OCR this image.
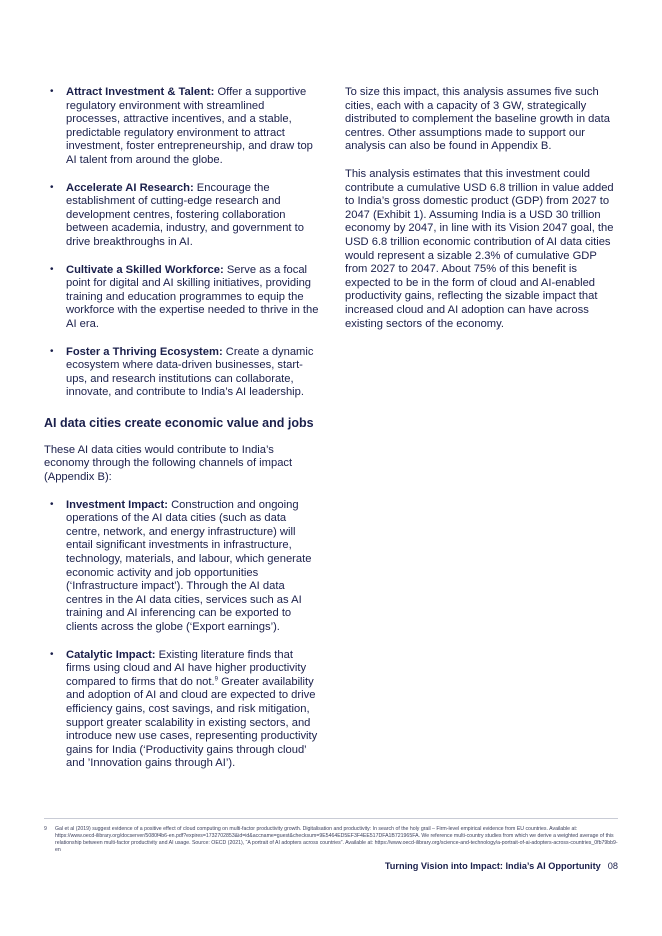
• Attract Investment & Talent: Offer a supportive regulatory environment with streamlined processes, attractive incentives, and a stable, predictable regulatory environment to attract investment, foster entrepreneurship, and draw top AI talent from around the globe.
• Accelerate AI Research: Encourage the establishment of cutting-edge research and development centres, fostering collaboration between academia, industry, and government to drive breakthroughs in AI.
• Cultivate a Skilled Workforce: Serve as a focal point for digital and AI skilling initiatives, providing training and education programmes to equip the workforce with the expertise needed to thrive in the AI era.
• Foster a Thriving Ecosystem: Create a dynamic ecosystem where data-driven businesses, start-ups, and research institutions can collaborate, innovate, and contribute to India’s AI leadership.
AI data cities create economic value and jobs

These AI data cities would contribute to India’s economy through the following channels of impact (Appendix B):

• Investment Impact: Construction and ongoing operations of the AI data cities (such as data centre, network, and energy infrastructure) will entail significant investments in infrastructure, technology, materials, and labour, which generate economic activity and job opportunities (‘Infrastructure impact’). Through the AI data centres in the AI data cities, services such as AI training and AI inferencing can be exported to clients across the globe (‘Export earnings’).
• Catalytic Impact: Existing literature finds that firms using cloud and AI have higher productivity compared to firms that do not.$^9$ Greater availability and adoption of AI and cloud are expected to drive efficiency gains, cost savings, and risk mitigation, support greater scalability in existing sectors, and introduce new use cases, representing productivity gains for India (‘Productivity gains through cloud’ and ’Innovation gains through AI’).

To size this impact, this analysis assumes five such cities, each with a capacity of 3 GW, strategically distributed to complement the baseline growth in data centres. Other assumptions made to support our analysis can also be found in Appendix B.

This analysis estimates that this investment could contribute a cumulative USD 6.8 trillion in value added to India’s gross domestic product (GDP) from 2027 to 2047 (Exhibit 1). Assuming India is a USD 30 trillion economy by 2047, in line with its Vision 2047 goal, the USD 6.8 trillion economic contribution of AI data cities would represent a sizable 2.3% of cumulative GDP from 2027 to 2047. About 75% of this benefit is expected to be in the form of cloud and AI-enabled productivity gains, reflecting the sizable impact that increased cloud and AI adoption can have across existing sectors of the economy.

9	Gal et al (2019) suggest evidence of a positive effect of cloud computing on multi-factor productivity growth. Digitalisation and productivity: In search of the holy grail – Firm-level empirical evidence from EU countries. Available at: https://www.oecd-ilibrary.org/docserver/5080f4b6-en.pdf?expires=1732702853&id=id&accname=guest&checksum=9E5464ED5EF3F4EE517DFA1B721965FA. We reference multi-country studies from which we derive a weighted average of this relationship between multi-factor productivity and AI usage. Source: OECD (2021), “A portrait of AI adopters across countries”. Available at: https://www.oecd-ilibrary.org/science-and-technology/a-portrait-of-ai-adopters-across-countries_0fb79bb9-en
Turning Vision into Impact: India’s AI Opportunity 08
